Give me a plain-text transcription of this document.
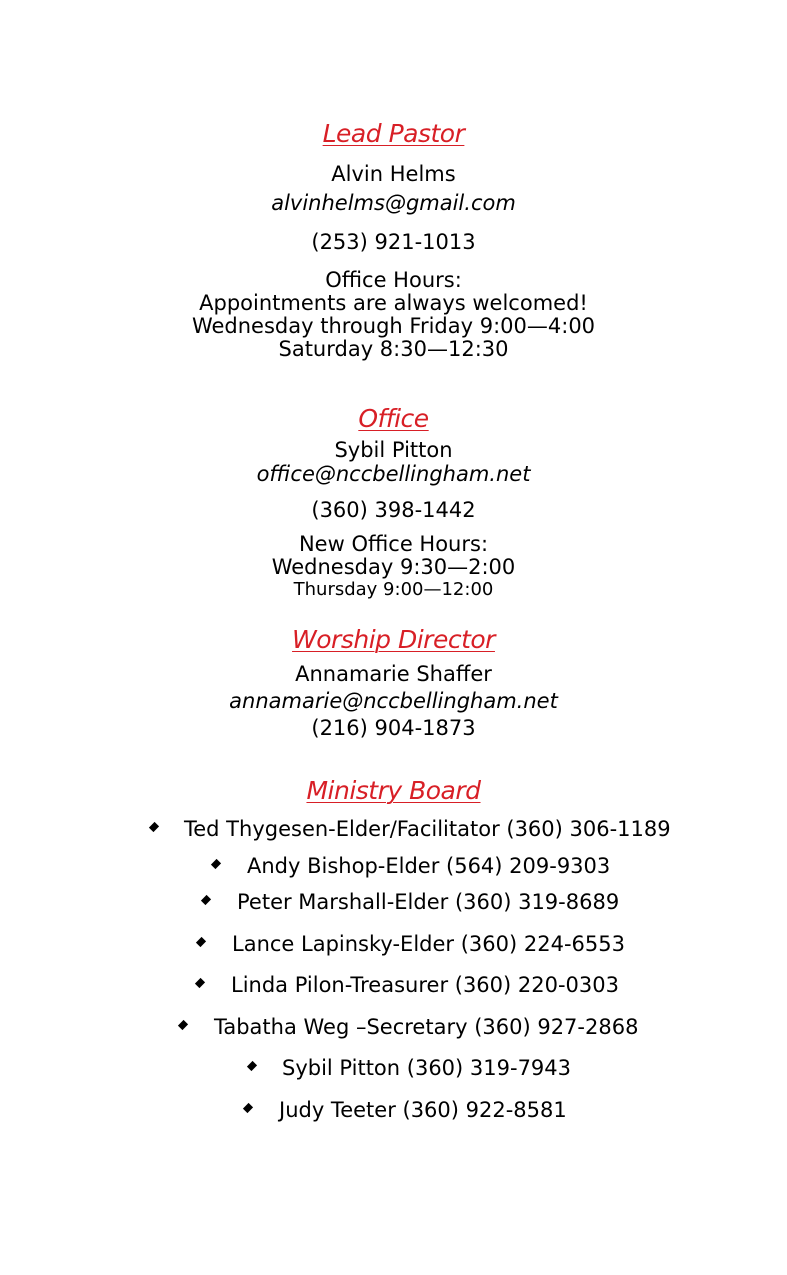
Lead Pastor
Alvin Helms
alvinhelms@gmail.com
(253) 921-1013
Office Hours:
Appointments are always welcomed!
Wednesday through Friday 9:00—4:00
Saturday 8:30—12:30
Office
Sybil Pitton
office@nccbellingham.net
(360) 398-1442
New Office Hours:
Wednesday 9:30—2:00
Thursday 9:00—12:00
Worship Director
Annamarie Shaffer
annamarie@nccbellingham.net
(216) 904-1873
Ministry Board
Ted Thygesen-Elder/Facilitator (360) 306-1189
Andy Bishop-Elder (564) 209-9303
Peter Marshall-Elder (360) 319-8689
Lance Lapinsky-Elder (360) 224-6553
Linda Pilon-Treasurer (360) 220-0303
Tabatha Weg –Secretary (360) 927-2868
Sybil Pitton (360) 319-7943
Judy Teeter (360) 922-8581
